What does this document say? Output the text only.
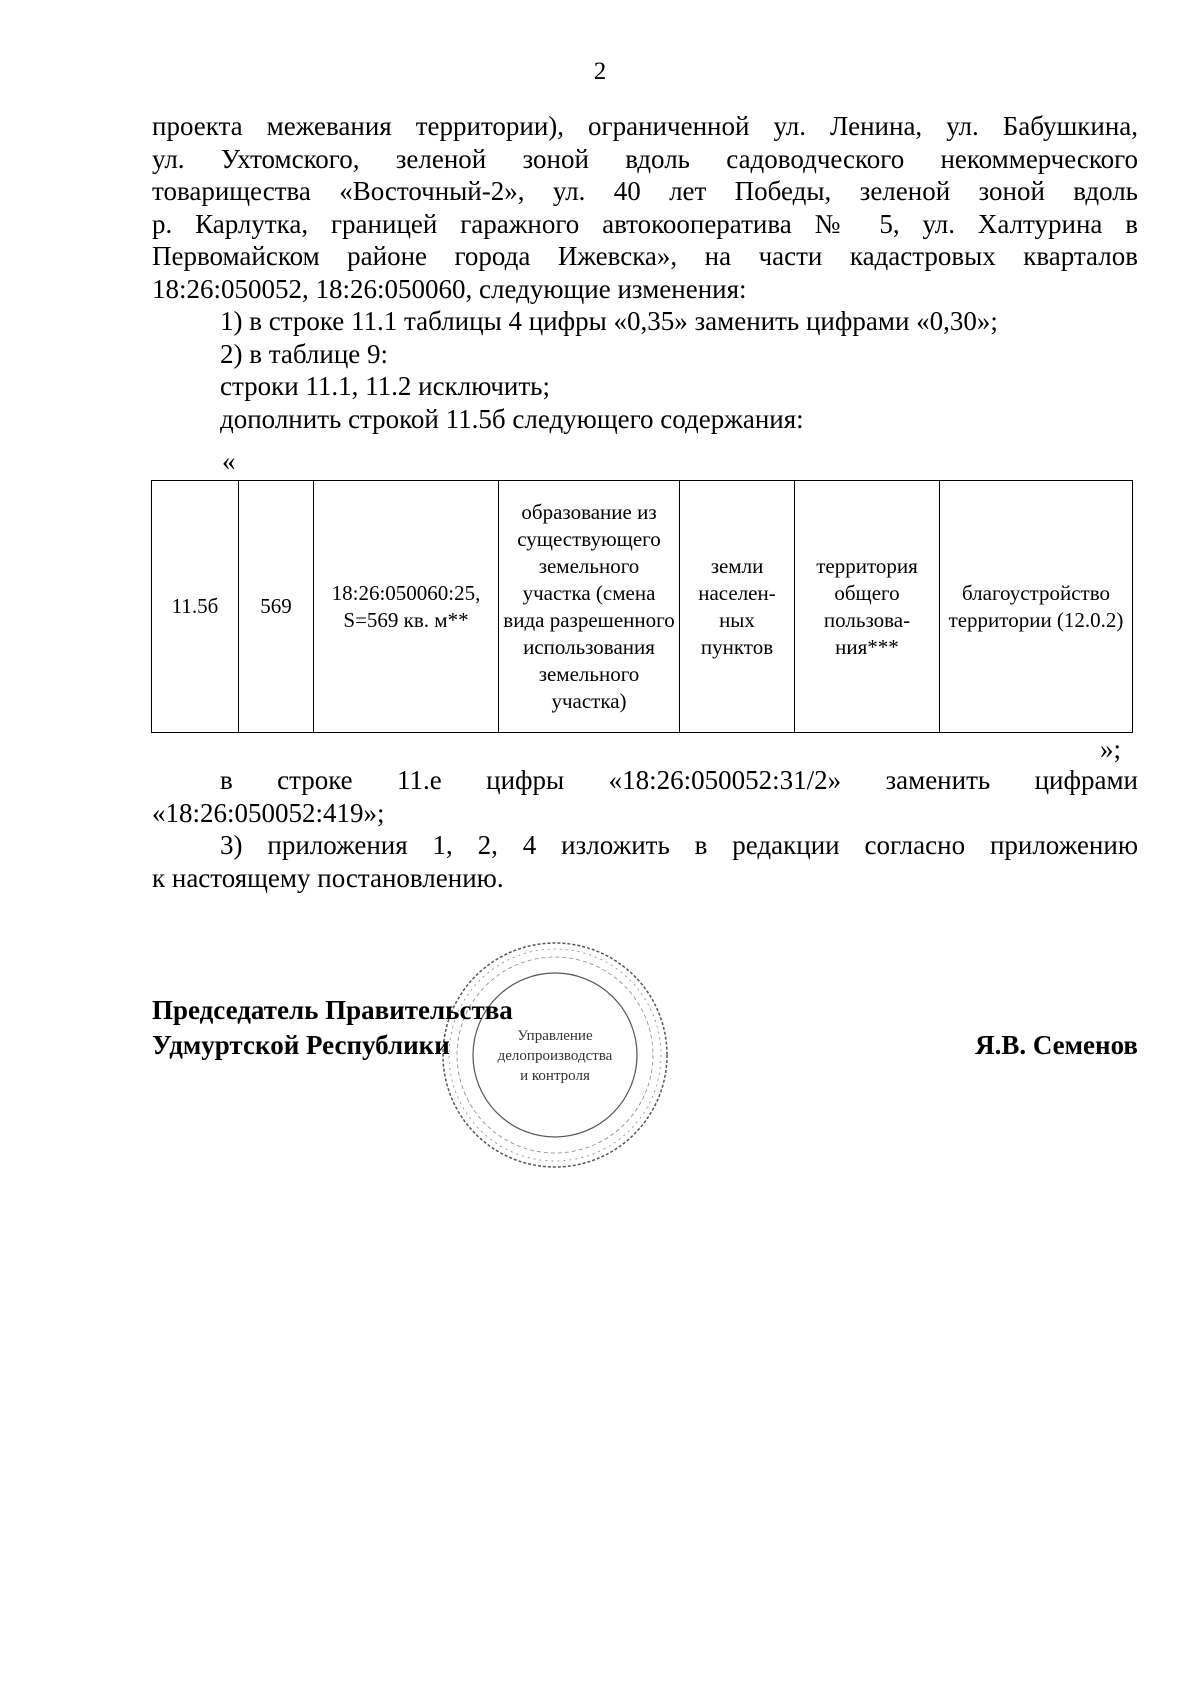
2
проекта межевания территории), ограниченной ул. Ленина, ул. Бабушкина,
ул. Ухтомского, зеленой зоной вдоль садоводческого некоммерческого
товарищества «Восточный-2», ул. 40 лет Победы, зеленой зоной вдоль
р. Карлутка, границей гаражного автокооператива № 5, ул. Халтурина в
Первомайском районе города Ижевска», на части кадастровых кварталов
18:26:050052, 18:26:050060, следующие изменения:
1) в строке 11.1 таблицы 4 цифры «0,35» заменить цифрами «0,30»;
2) в таблице 9:
строки 11.1, 11.2 исключить;
дополнить строкой 11.5б следующего содержания:
«
11.5б	569	18:26:050060:25, S=569 кв. м**	образование из существующего земельного участка (смена вида разрешенного использования земельного участка)	земли населен- ных пунктов	территория общего пользова- ния***	благоустройство территории (12.0.2)
»;
в строке 11.е цифры «18:26:050052:31/2» заменить цифрами
«18:26:050052:419»;
3) приложения 1, 2, 4 изложить в редакции согласно приложению
к настоящему постановлению.
Управление
делопроизводства
и контроля
Председатель Правительства
Удмуртской Республики	Я.В. Семенов
